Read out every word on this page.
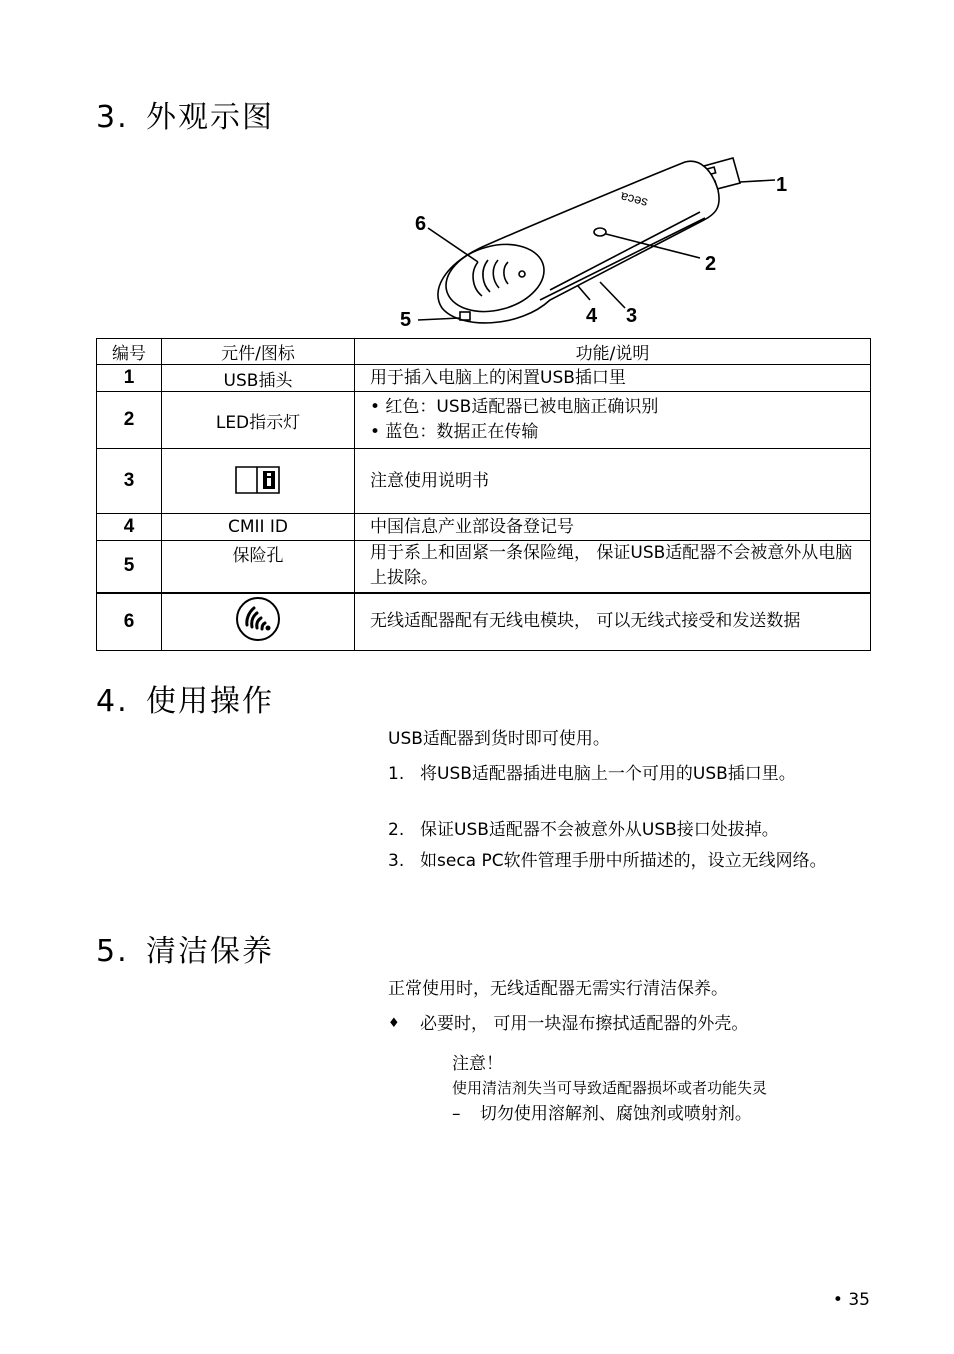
3. 外观示图
seca
1
2
3
4
5
6
编号	元件/图标	功能/说明
1	USB插头	用于插入电脑上的闲置USB插口里
2	LED指示灯	• 红色：USB适配器已被电脑正确识别
• 蓝色：数据正在传输

3		注意使用说明书
4	CMII ID	中国信息产业部设备登记号
5	保险孔	用于系上和固紧一条保险绳， 保证USB适配器不会被意外从电脑上拔除。
6		无线适配器配有无线电模块， 可以无线式接受和发送数据
4. 使用操作
USB适配器到货时即可使用。
1. 将USB适配器插进电脑上一个可用的USB插口里。
2. 保证USB适配器不会被意外从USB接口处拔掉。
3. 如seca PC软件管理手册中所描述的，设立无线网络。
5. 清洁保养
正常使用时，无线适配器无需实行清洁保养。
♦ 必要时， 可用一块湿布擦拭适配器的外壳。
注意！
使用清洁剂失当可导致适配器损坏或者功能失灵
– 切勿使用溶解剂、腐蚀剂或喷射剂。
• 35
